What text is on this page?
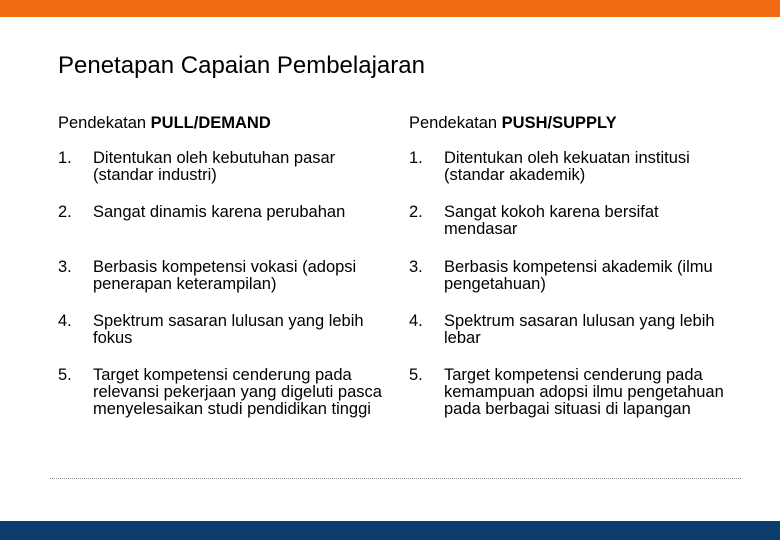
Penetapan Capaian Pembelajaran
Pendekatan PULL/DEMAND
1. Ditentukan oleh kebutuhan pasar (standar industri)
2. Sangat dinamis karena perubahan
3. Berbasis kompetensi vokasi (adopsi penerapan keterampilan)
4. Spektrum sasaran lulusan yang lebih fokus
5. Target kompetensi cenderung pada relevansi pekerjaan yang digeluti pasca menyelesaikan studi pendidikan tinggi
Pendekatan PUSH/SUPPLY
1. Ditentukan oleh kekuatan institusi (standar akademik)
2. Sangat kokoh karena bersifat mendasar
3. Berbasis kompetensi akademik (ilmu pengetahuan)
4. Spektrum sasaran lulusan yang lebih lebar
5. Target kompetensi cenderung pada kemampuan adopsi ilmu pengetahuan pada berbagai situasi di lapangan
